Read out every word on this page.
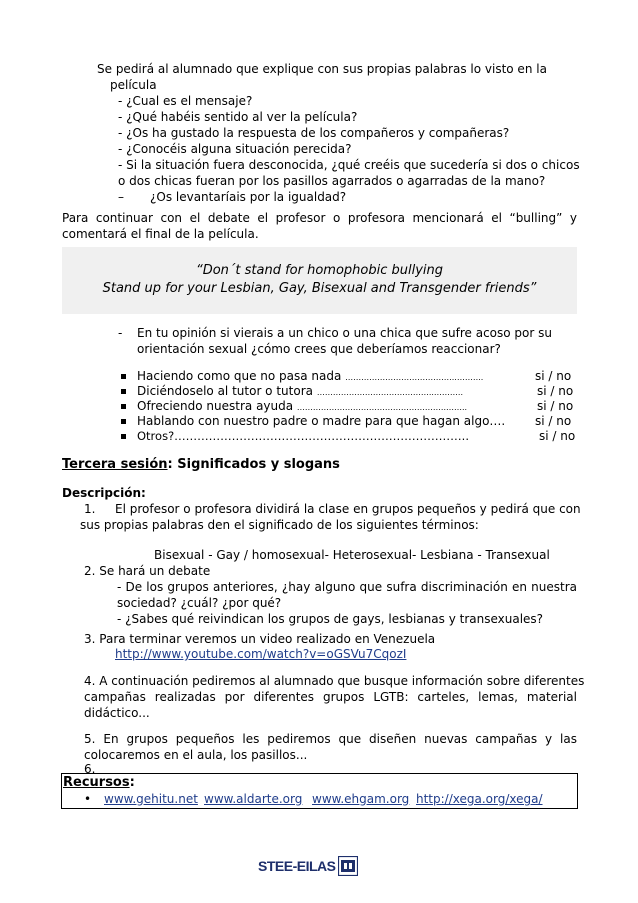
Se pedirá al alumnado que explique con sus propias palabras lo visto en la
película
- ¿Cual es el mensaje?
- ¿Qué habéis sentido al ver la película?
- ¿Os ha gustado la respuesta de los compañeros y compañeras?
- ¿Conocéis alguna situación perecida?
- Si la situación fuera desconocida, ¿qué creéis que sucedería si dos o chicos
o dos chicas fueran por los pasillos agarrados o agarradas de la mano?
– ¿Os levantaríais por la igualdad?
Para continuar con el debate el profesor o profesora mencionará el “bulling” y
comentará el final de la película.
“Don´t stand for homophobic bullying
Stand up for your Lesbian, Gay, Bisexual and Transgender friends”
- En tu opinión si vierais a un chico o una chica que sufre acoso por su
orientación sexual ¿cómo crees que deberíamos reaccionar?
Haciendo como que no pasa nada …………………………………..………..	si / no
Diciéndoselo al tutor o tutora ……………………………………..………..	si / no
Ofreciendo nuestra ayuda ………………………………………………..……..	si / no
Hablando con nuestro padre o madre para que hagan algo…. si / no
Otros?…………………………………………………………………..	si / no
Tercera sesión: Significados y slogans
Descripción:
1. El profesor o profesora dividirá la clase en grupos pequeños y pedirá que con
sus propias palabras den el significado de los siguientes términos:
Bisexual - Gay / homosexual- Heterosexual- Lesbiana - Transexual
2. Se hará un debate
- De los grupos anteriores, ¿hay alguno que sufra discriminación en nuestra
sociedad? ¿cuál? ¿por qué?
- ¿Sabes qué reivindican los grupos de gays, lesbianas y transexuales?
3. Para terminar veremos un video realizado en Venezuela
http://www.youtube.com/watch?v=oGSVu7CqozI
4. A continuación pediremos al alumnado que busque información sobre diferentes
campañas realizadas por diferentes grupos LGTB: carteles, lemas, material
didáctico...
5. En grupos pequeños les pediremos que diseñen nuevas campañas y las
colocaremos en el aula, los pasillos...
6.
Recursos:
• www.gehitu.net www.aldarte.org www.ehgam.org http://xega.org/xega/
STEE-EILAS
